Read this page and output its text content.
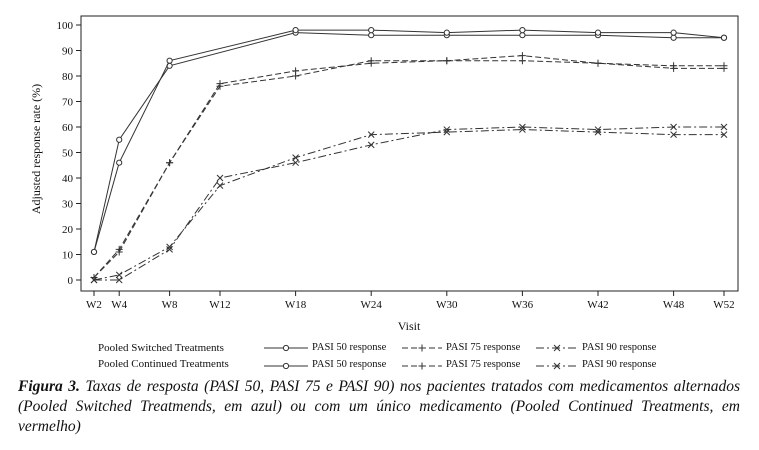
0
10
20
30
40
50
60
70
80
90
100
W2 W4	W8	W12	W18	W24	W30	W36	W42	W48	W52
Adjusted response rate (%)
Visit
Pooled Switched Treatments
Pooled Continued Treatments
PASI 50 response
PASI 50 response
PASI 75 response
PASI 75 response
PASI 90 response
PASI 90 response
Figura 3. Taxas de resposta (PASI 50, PASI 75 e PASI 90) nos pacientes tratados com medicamentos alternados (Pooled Switched Treatmends, em azul) ou com um único medicamento (Pooled Continued Treatments, em vermelho)
